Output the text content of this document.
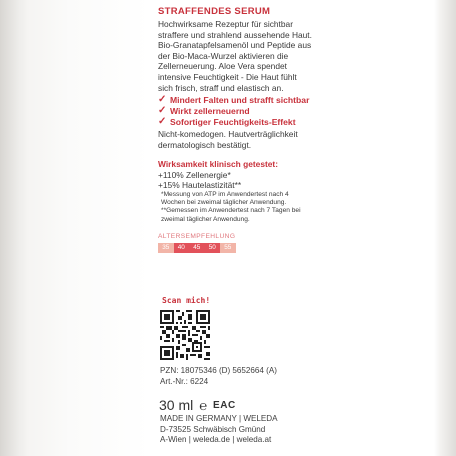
STRAFFENDES SERUM

Hochwirksame Rezeptur für sichtbar straffere und strahlend aussehende Haut. Bio-Granatapfelsamenöl und Peptide aus der Bio-Maca-Wurzel aktivieren die Zellerneuerung. Aloe Vera spendet intensive Feuchtigkeit - Die Haut fühlt sich frisch, straff und elastisch an.

✓ Mindert Falten und strafft sichtbar
✓ Wirkt zellerneuernd
✓ Sofortiger Feuchtigkeits-Effekt

Nicht-komedogen. Hautverträglichkeit dermatologisch bestätigt.

Wirksamkeit klinisch getestet:

+110% Zellenergie*

+15% Hautelastizität**

*Messung von ATP im Anwendertest nach 4 Wochen bei zweimal täglicher Anwendung.

**Gemessen im Anwendertest nach 7 Tagen bei zweimal täglicher Anwendung.

ALTERSEMPFEHLUNG
35	40	45	50	55
Scan mich!
PZN: 18075346 (D) 5652664 (A)
Art.-Nr.: 6224
30 ml ℮ EAC
MADE IN GERMANY | WELEDA
D-73525 Schwäbisch Gmünd
A-Wien | weleda.de | weleda.at
